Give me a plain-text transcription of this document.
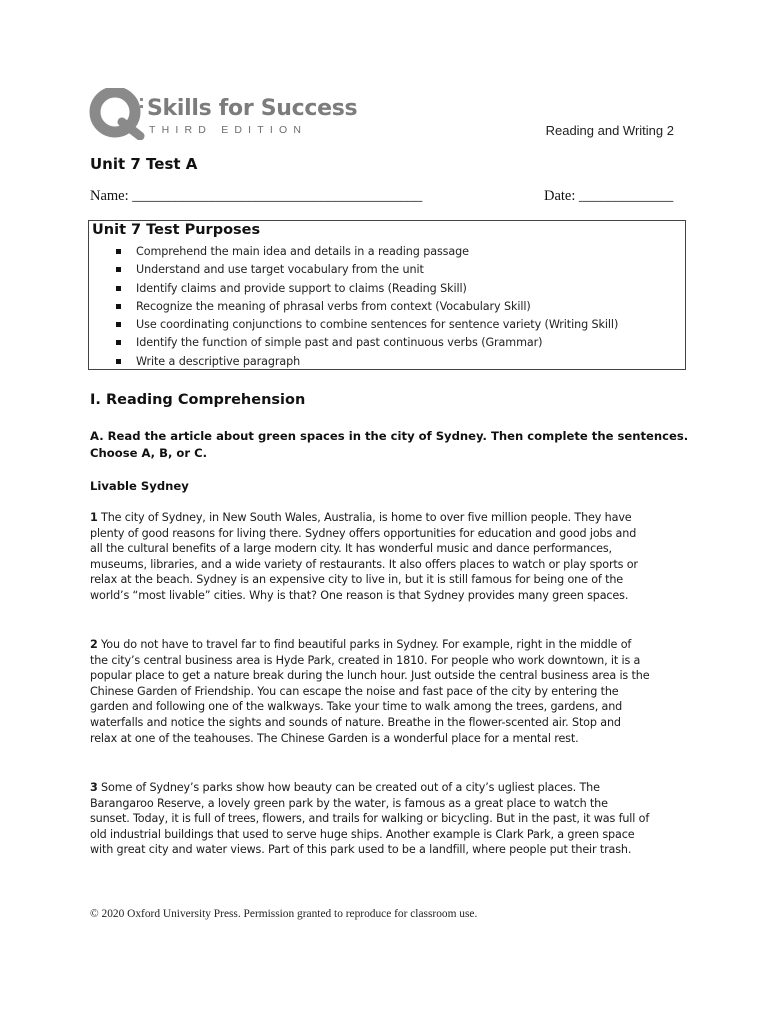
Skills for Success
THIRD EDITION	Reading and Writing 2
Unit 7 Test A
Name: ________________________________________	Date: _____________
Unit 7 Test Purposes
Comprehend the main idea and details in a reading passage
Understand and use target vocabulary from the unit
Identify claims and provide support to claims (Reading Skill)
Recognize the meaning of phrasal verbs from context (Vocabulary Skill)
Use coordinating conjunctions to combine sentences for sentence variety (Writing Skill)
Identify the function of simple past and past continuous verbs (Grammar)
Write a descriptive paragraph
I. Reading Comprehension
A. Read the article about green spaces in the city of Sydney. Then complete the sentences. Choose A, B, or C.
Livable Sydney
1 The city of Sydney, in New South Wales, Australia, is home to over five million people. They have plenty of good reasons for living there. Sydney offers opportunities for education and good jobs and all the cultural benefits of a large modern city. It has wonderful music and dance performances, museums, libraries, and a wide variety of restaurants. It also offers places to watch or play sports or relax at the beach. Sydney is an expensive city to live in, but it is still famous for being one of the world’s “most livable” cities. Why is that? One reason is that Sydney provides many green spaces.
2 You do not have to travel far to find beautiful parks in Sydney. For example, right in the middle of the city’s central business area is Hyde Park, created in 1810. For people who work downtown, it is a popular place to get a nature break during the lunch hour. Just outside the central business area is the Chinese Garden of Friendship. You can escape the noise and fast pace of the city by entering the garden and following one of the walkways. Take your time to walk among the trees, gardens, and waterfalls and notice the sights and sounds of nature. Breathe in the flower-scented air. Stop and relax at one of the teahouses. The Chinese Garden is a wonderful place for a mental rest.
3 Some of Sydney’s parks show how beauty can be created out of a city’s ugliest places. The Barangaroo Reserve, a lovely green park by the water, is famous as a great place to watch the sunset. Today, it is full of trees, flowers, and trails for walking or bicycling. But in the past, it was full of old industrial buildings that used to serve huge ships. Another example is Clark Park, a green space with great city and water views. Part of this park used to be a landfill, where people put their trash.
© 2020 Oxford University Press. Permission granted to reproduce for classroom use.
